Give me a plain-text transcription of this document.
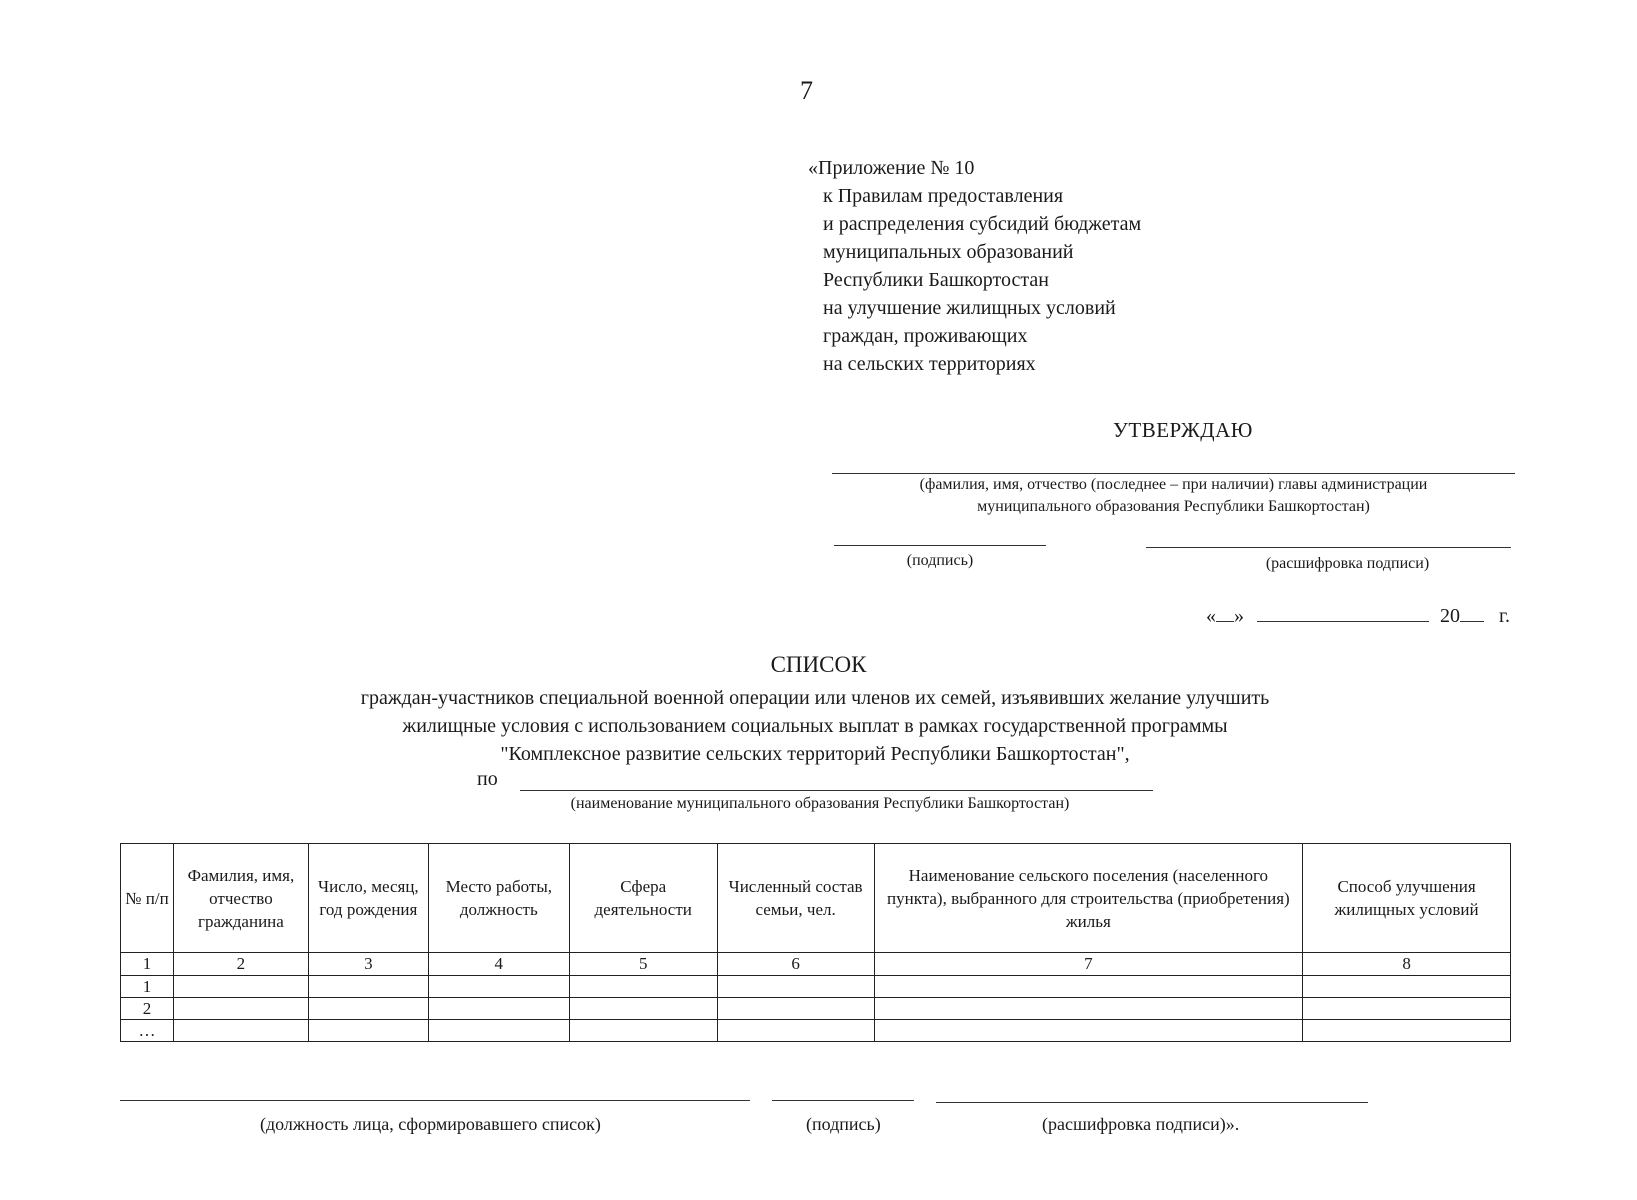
7
«Приложение № 10
к Правилам предоставления
и распределения субсидий бюджетам
муниципальных образований
Республики Башкортостан
на улучшение жилищных условий
граждан, проживающих
на сельских территориях
УТВЕРЖДАЮ
(фамилия, имя, отчество (последнее – при наличии) главы администрации
муниципального образования Республики Башкортостан)
(подпись)	(расшифровка подписи)
« »	20 г.
СПИСОК
граждан-участников специальной военной операции или членов их семей, изъявивших желание улучшить
жилищные условия с использованием социальных выплат в рамках государственной программы
"Комплексное развитие сельских территорий Республики Башкортостан",
по
(наименование муниципального образования Республики Башкортостан)
№ п/п	Фамилия, имя, отчество гражданина	Число, месяц, год рождения	Место работы, должность	Сфера деятельности	Численный состав семьи, чел.	Наименование сельского поселения (населенного пункта), выбранного для строительства (приобретения) жилья	Способ улучшения жилищных условий
1	2	3	4	5	6	7	8
1							
2							
…							
(должность лица, сформировавшего список)	(подпись)	(расшифровка подписи)».
